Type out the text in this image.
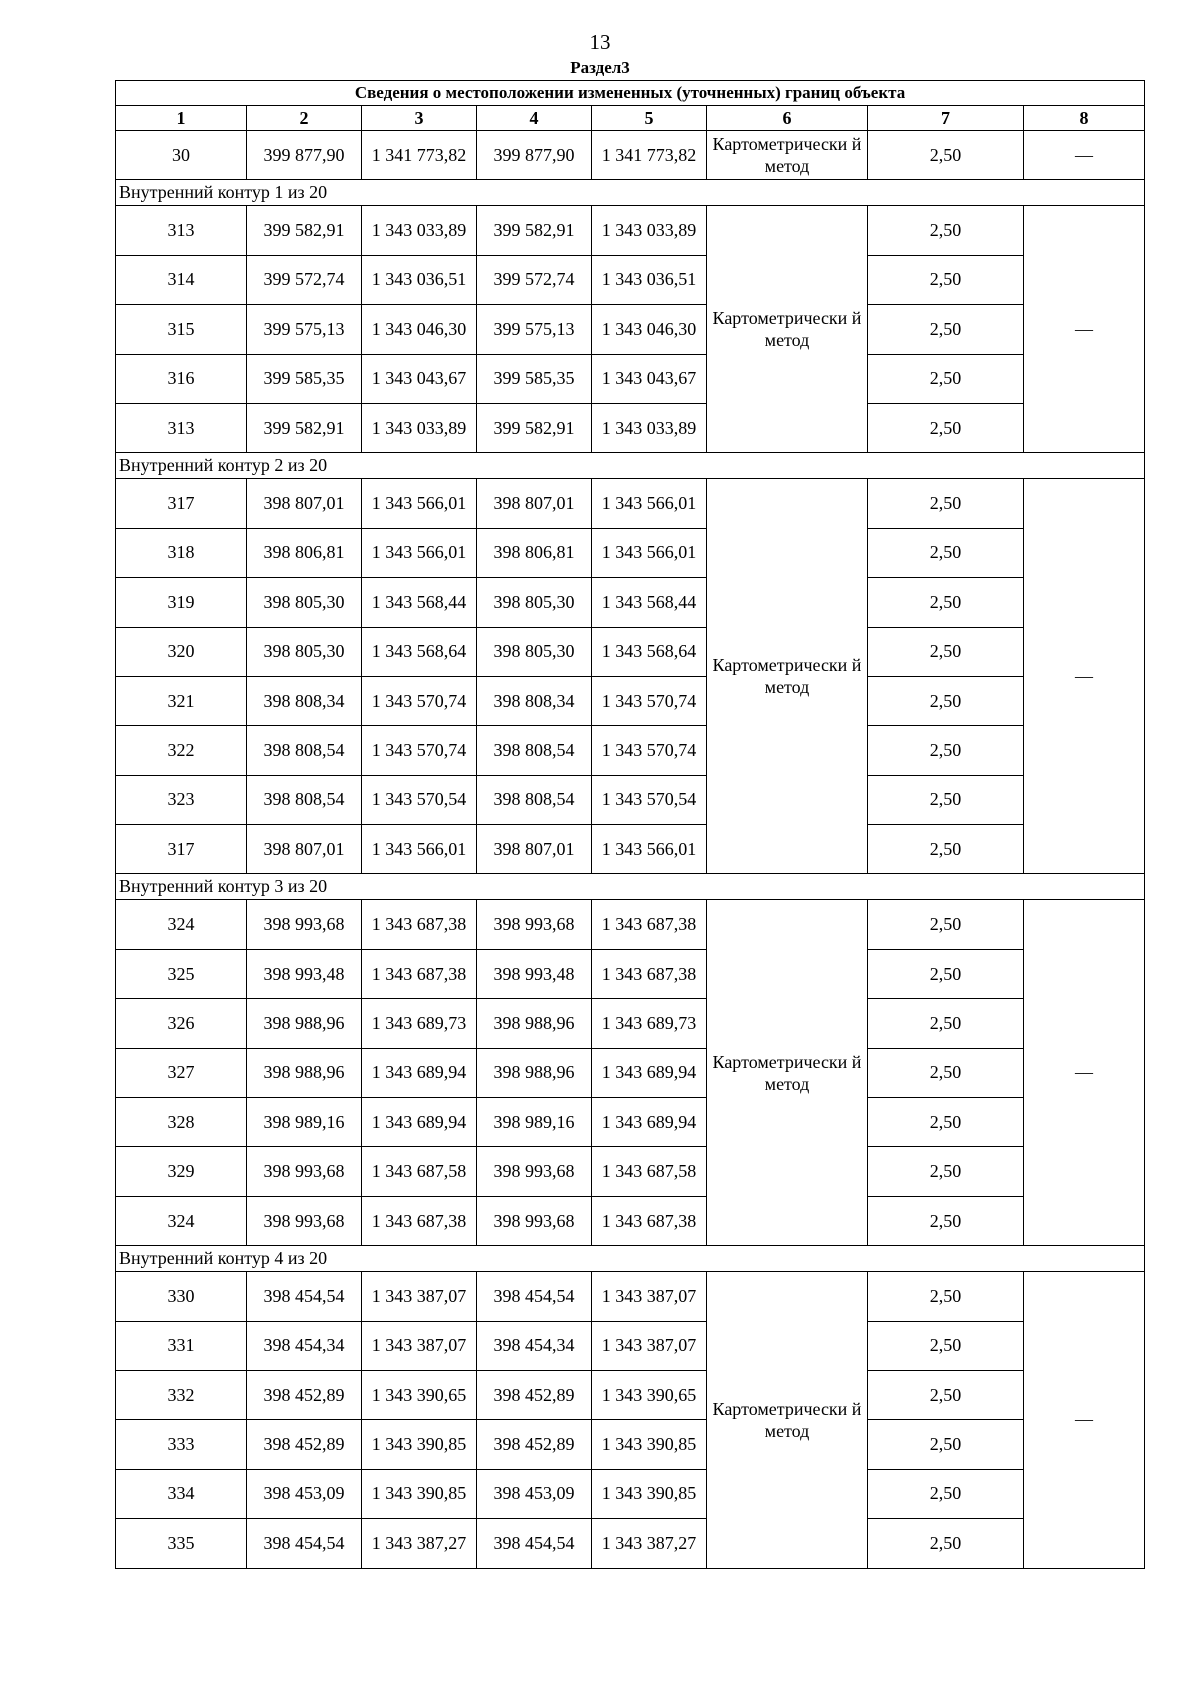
13
Раздел3
Сведения о местоположении измененных (уточненных) границ объекта							
1	2	3	4	5	6	7	8
30	399 877,90	1 341 773,82	399 877,90	1 341 773,82	Картометрически й метод	2,50	—
Внутренний контур 1 из 20							
313	399 582,91	1 343 033,89	399 582,91	1 343 033,89	Картометрически й метод	2,50	—
314	399 572,74	1 343 036,51	399 572,74	1 343 036,51		2,50	
315	399 575,13	1 343 046,30	399 575,13	1 343 046,30		2,50	
316	399 585,35	1 343 043,67	399 585,35	1 343 043,67		2,50	
313	399 582,91	1 343 033,89	399 582,91	1 343 033,89		2,50	
Внутренний контур 2 из 20							
317	398 807,01	1 343 566,01	398 807,01	1 343 566,01	Картометрически й метод	2,50	—
318	398 806,81	1 343 566,01	398 806,81	1 343 566,01		2,50	
319	398 805,30	1 343 568,44	398 805,30	1 343 568,44		2,50	
320	398 805,30	1 343 568,64	398 805,30	1 343 568,64		2,50	
321	398 808,34	1 343 570,74	398 808,34	1 343 570,74		2,50	
322	398 808,54	1 343 570,74	398 808,54	1 343 570,74		2,50	
323	398 808,54	1 343 570,54	398 808,54	1 343 570,54		2,50	
317	398 807,01	1 343 566,01	398 807,01	1 343 566,01		2,50	
Внутренний контур 3 из 20							
324	398 993,68	1 343 687,38	398 993,68	1 343 687,38	Картометрически й метод	2,50	—
325	398 993,48	1 343 687,38	398 993,48	1 343 687,38		2,50	
326	398 988,96	1 343 689,73	398 988,96	1 343 689,73		2,50	
327	398 988,96	1 343 689,94	398 988,96	1 343 689,94		2,50	
328	398 989,16	1 343 689,94	398 989,16	1 343 689,94		2,50	
329	398 993,68	1 343 687,58	398 993,68	1 343 687,58		2,50	
324	398 993,68	1 343 687,38	398 993,68	1 343 687,38		2,50	
Внутренний контур 4 из 20							
330	398 454,54	1 343 387,07	398 454,54	1 343 387,07	Картометрически й метод	2,50	—
331	398 454,34	1 343 387,07	398 454,34	1 343 387,07		2,50	
332	398 452,89	1 343 390,65	398 452,89	1 343 390,65		2,50	
333	398 452,89	1 343 390,85	398 452,89	1 343 390,85		2,50	
334	398 453,09	1 343 390,85	398 453,09	1 343 390,85		2,50	
335	398 454,54	1 343 387,27	398 454,54	1 343 387,27		2,50	
